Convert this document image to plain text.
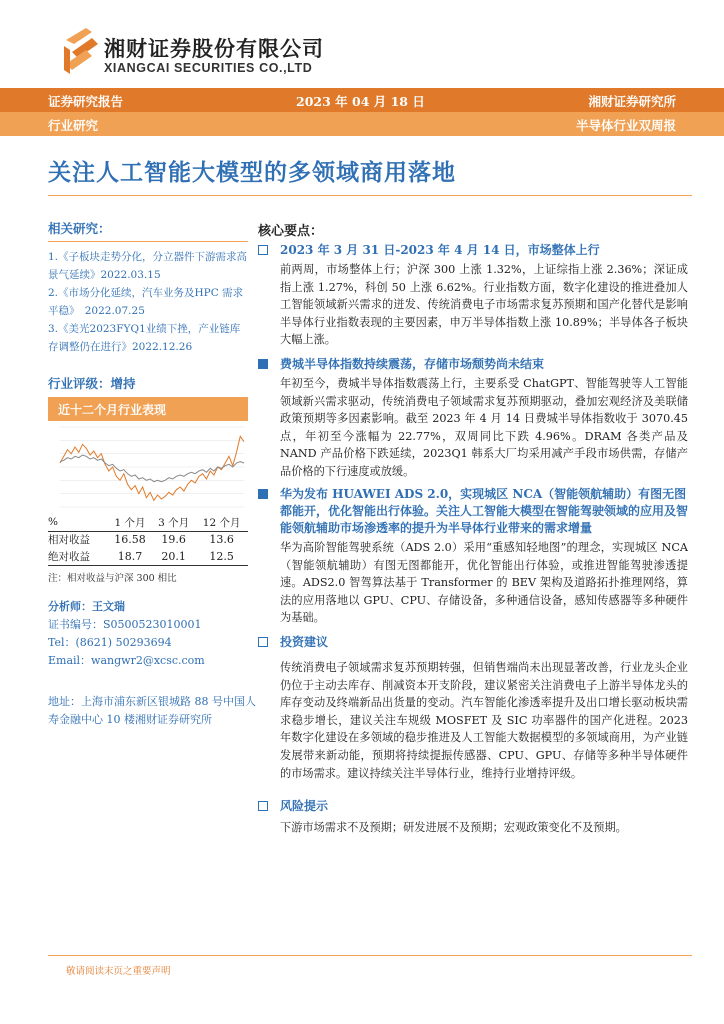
湘财证券股份有限公司
XIANGCAI SECURITIES CO.,LTD
证券研究报告	2023 年 04 月 18 日	湘财证券研究所
行业研究	半导体行业双周报
关注人工智能大模型的多领域商用落地
相关研究：
1.《子板块走势分化，分立器件下游需求高景气延续》2022.03.15
2.《市场分化延续，汽车业务及HPC 需求平稳》　2022.07.25
3.《美光2023FYQ1业绩下挫，产业链库存调整仍在进行》2022.12.26
行业评级：增持
近十二个月行业表现
%	1 个月	3 个月	12 个月
相对收益	16.58	19.6	13.6
绝对收益	18.7	20.1	12.5
注：相对收益与沪深 300 相比
分析师：王文瑞
证书编号：S0500523010001
Tel：(8621) 50293694
Email：wangwr2@xcsc.com
地址：上海市浦东新区银城路 88 号中国人寿金融中心 10 楼湘财证券研究所
核心要点：
2023 年 3 月 31 日-2023 年 4 月 14 日，市场整体上行
前两周，市场整体上行；沪深 300 上涨 1.32%，上证综指上涨 2.36%；深证成指上涨 1.27%，科创 50 上涨 6.62%。行业指数方面，数字化建设的推进叠加人工智能领域新兴需求的迸发、传统消费电子市场需求复苏预期和国产化替代是影响半导体行业指数表现的主要因素，申万半导体指数上涨 10.89%；半导体各子板块大幅上涨。
费城半导体指数持续震荡，存储市场颓势尚未结束
年初至今，费城半导体指数震荡上行，主要系受 ChatGPT、智能驾驶等人工智能领域新兴需求驱动，传统消费电子领域需求复苏预期驱动，叠加宏观经济及美联储政策预期等多因素影响。截至 2023 年 4 月 14 日费城半导体指数收于 3070.45 点，年初至今涨幅为 22.77%，双周同比下跌 4.96%。DRAM 各类产品及 NAND 产品价格下跌延续，2023Q1 韩系大厂均采用减产手段市场供需，存储产品价格的下行速度或放缓。
华为发布 HUAWEI ADS 2.0，实现城区 NCA（智能领航辅助）有图无图都能开，优化智能出行体验。关注人工智能大模型在智能驾驶领域的应用及智能领航辅助市场渗透率的提升为半导体行业带来的需求增量
华为高阶智能驾驶系统（ADS 2.0）采用“重感知轻地图”的理念，实现城区 NCA（智能领航辅助）有图无图都能开，优化智能出行体验，或推进智能驾驶渗透提速。ADS2.0 智驾算法基于 Transformer 的 BEV 架构及道路拓扑推理网络，算法的应用落地以 GPU、CPU、存储设备，多种通信设备，感知传感器等多种硬件为基础。
投资建议
传统消费电子领域需求复苏预期转强，但销售端尚未出现显著改善，行业龙头企业仍位于主动去库存、削减资本开支阶段，建议紧密关注消费电子上游半导体龙头的库存变动及终端新品出货量的变动。汽车智能化渗透率提升及出口增长驱动板块需求稳步增长，建议关注车规级 MOSFET 及 SIC 功率器件的国产化进程。2023 年数字化建设在多领域的稳步推进及人工智能大数据模型的多领域商用，为产业链发展带来新动能，预期将持续提振传感器、CPU、GPU、存储等多种半导体硬件的市场需求。建议持续关注半导体行业，维持行业增持评级。
风险提示
下游市场需求不及预期；研发进展不及预期；宏观政策变化不及预期。
敬请阅读末页之重要声明
